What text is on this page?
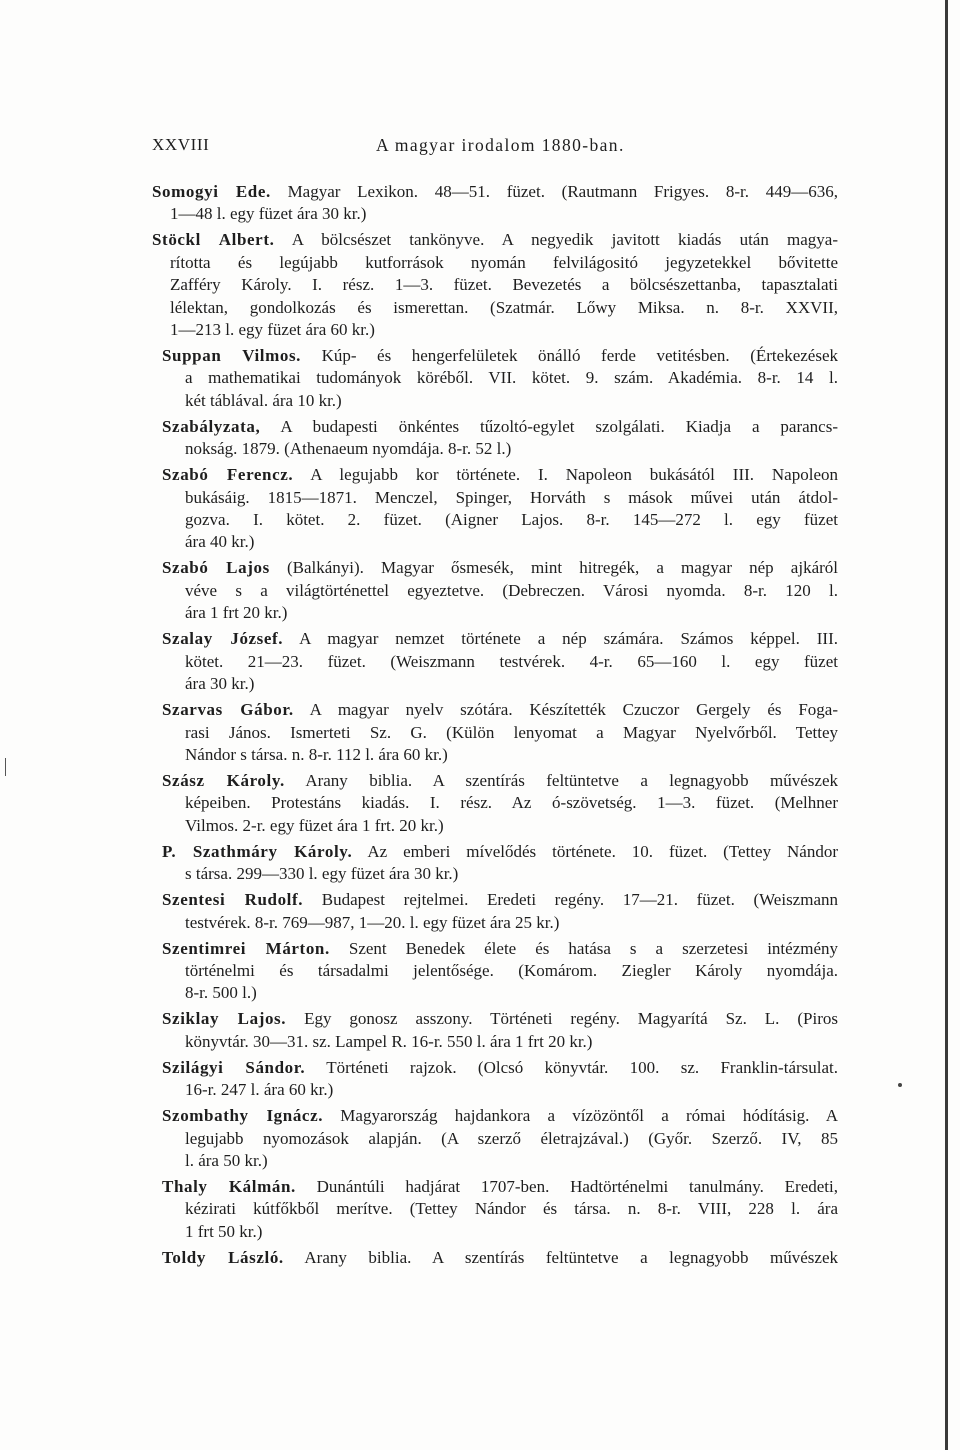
XXVIII	A magyar irodalom 1880-ban.
Somogyi Ede. Magyar Lexikon. 48—51. füzet. (Rautmann Frigyes. 8-r. 449—636,
1—48 l. egy füzet ára 30 kr.)
Stöckl Albert. A bölcsészet tankönyve. A negyedik javitott kiadás után magya-
rította és legújabb kutforrások nyomán felvilágositó jegyzetekkel bővitette
Zafféry Károly. I. rész. 1—3. füzet. Bevezetés a bölcsészettanba, tapasztalati
lélektan, gondolkozás és ismerettan. (Szatmár. Lőwy Miksa. n. 8-r. XXVII,
1—213 l. egy füzet ára 60 kr.)
Suppan Vilmos. Kúp- és hengerfelületek önálló ferde vetitésben. (Értekezések
a mathematikai tudományok köréből. VII. kötet. 9. szám. Akadémia. 8-r. 14 l.
két táblával. ára 10 kr.)
Szabályzata, A budapesti önkéntes tűzoltó-egylet szolgálati. Kiadja a parancs-
nokság. 1879. (Athenaeum nyomdája. 8-r. 52 l.)
Szabó Ferencz. A legujabb kor története. I. Napoleon bukásától III. Napoleon
bukásáig. 1815—1871. Menczel, Spinger, Horváth s mások művei után átdol-
gozva. I. kötet. 2. füzet. (Aigner Lajos. 8-r. 145—272 l. egy füzet
ára 40 kr.)
Szabó Lajos (Balkányi). Magyar ősmesék, mint hitregék, a magyar nép ajkáról
véve s a világtörténettel egyeztetve. (Debreczen. Városi nyomda. 8-r. 120 l.
ára 1 frt 20 kr.)
Szalay József. A magyar nemzet története a nép számára. Számos képpel. III.
kötet. 21—23. füzet. (Weiszmann testvérek. 4-r. 65—160 l. egy füzet
ára 30 kr.)
Szarvas Gábor. A magyar nyelv szótára. Készítették Czuczor Gergely és Foga-
rasi János. Ismerteti Sz. G. (Külön lenyomat a Magyar Nyelvőrből. Tettey
Nándor s társa. n. 8-r. 112 l. ára 60 kr.)
Szász Károly. Arany biblia. A szentírás feltüntetve a legnagyobb művészek
képeiben. Protestáns kiadás. I. rész. Az ó-szövetség. 1—3. füzet. (Melhner
Vilmos. 2-r. egy füzet ára 1 frt. 20 kr.)
P. Szathmáry Károly. Az emberi mívelődés története. 10. füzet. (Tettey Nándor
s társa. 299—330 l. egy füzet ára 30 kr.)
Szentesi Rudolf. Budapest rejtelmei. Eredeti regény. 17—21. füzet. (Weiszmann
testvérek. 8-r. 769—987, 1—20. l. egy füzet ára 25 kr.)
Szentimrei Márton. Szent Benedek élete és hatása s a szerzetesi intézmény
történelmi és társadalmi jelentősége. (Komárom. Ziegler Károly nyomdája.
8-r. 500 l.)
Sziklay Lajos. Egy gonosz asszony. Történeti regény. Magyarítá Sz. L. (Piros
könyvtár. 30—31. sz. Lampel R. 16-r. 550 l. ára 1 frt 20 kr.)
Szilágyi Sándor. Történeti rajzok. (Olcsó könyvtár. 100. sz. Franklin-társulat.
16-r. 247 l. ára 60 kr.)
Szombathy Ignácz. Magyarország hajdankora a vízözöntől a római hódításig. A
legujabb nyomozások alapján. (A szerző életrajzával.) (Győr. Szerző. IV, 85
l. ára 50 kr.)
Thaly Kálmán. Dunántúli hadjárat 1707-ben. Hadtörténelmi tanulmány. Eredeti,
kézirati kútfőkből merítve. (Tettey Nándor és társa. n. 8-r. VIII, 228 l. ára
1 frt 50 kr.)
Toldy László. Arany biblia. A szentírás feltüntetve a legnagyobb művészek
